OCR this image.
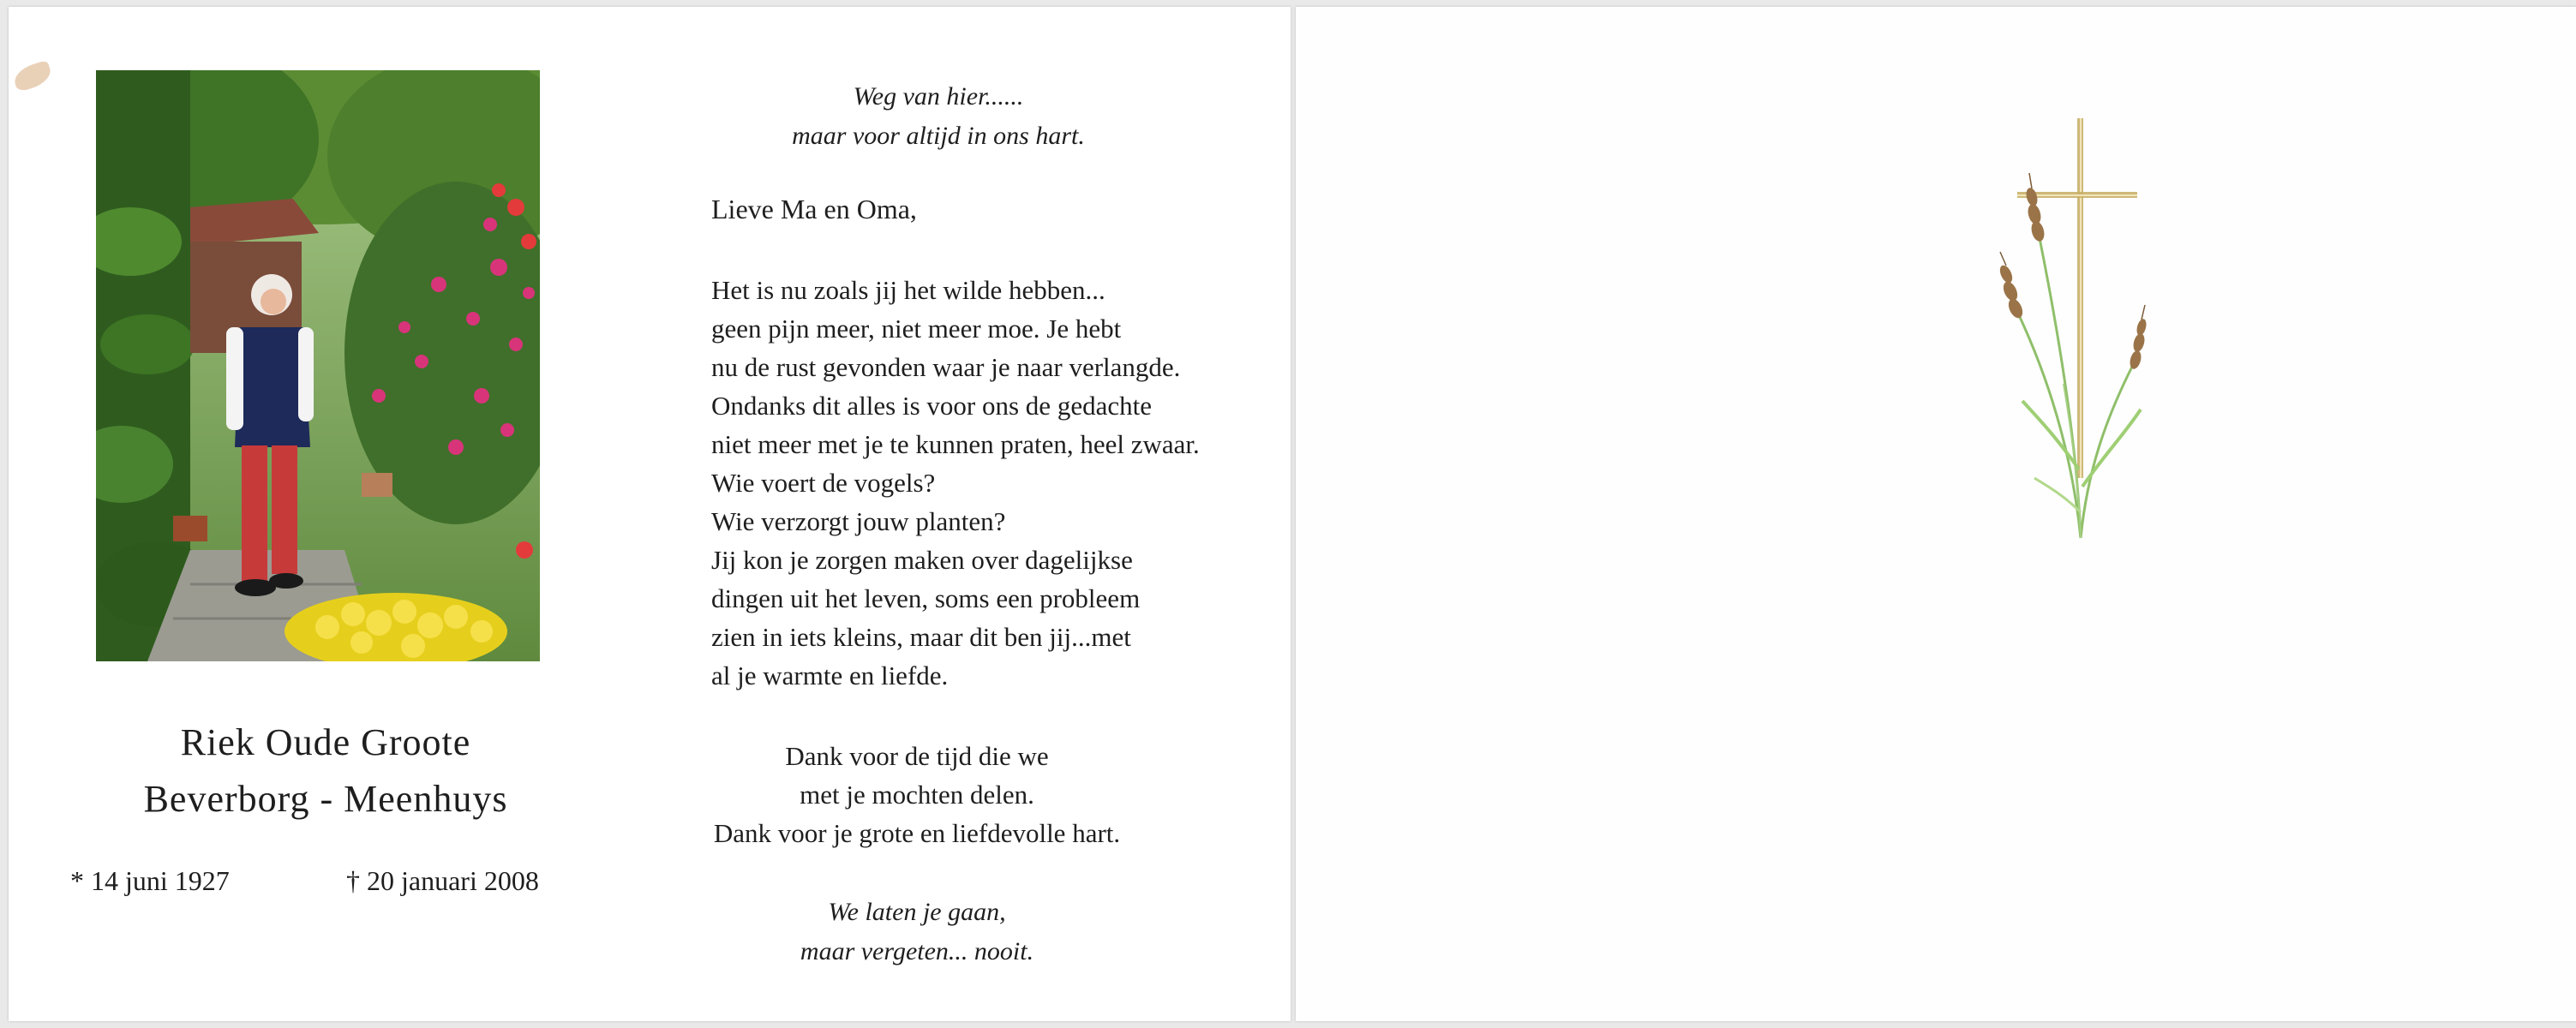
Riek Oude Groote
Beverborg - Meenhuys
* 14 juni 1927	† 20 januari 2008
Weg van hier......
maar voor altijd in ons hart.
Lieve Ma en Oma,
Het is nu zoals jij het wilde hebben...
geen pijn meer, niet meer moe. Je hebt
nu de rust gevonden waar je naar verlangde.
Ondanks dit alles is voor ons de gedachte
niet meer met je te kunnen praten, heel zwaar.
Wie voert de vogels?
Wie verzorgt jouw planten?
Jij kon je zorgen maken over dagelijkse
dingen uit het leven, soms een probleem
zien in iets kleins, maar dit ben jij...met
al je warmte en liefde.
Dank voor de tijd die we
met je mochten delen.
Dank voor je grote en liefdevolle hart.
We laten je gaan,
maar vergeten... nooit.
